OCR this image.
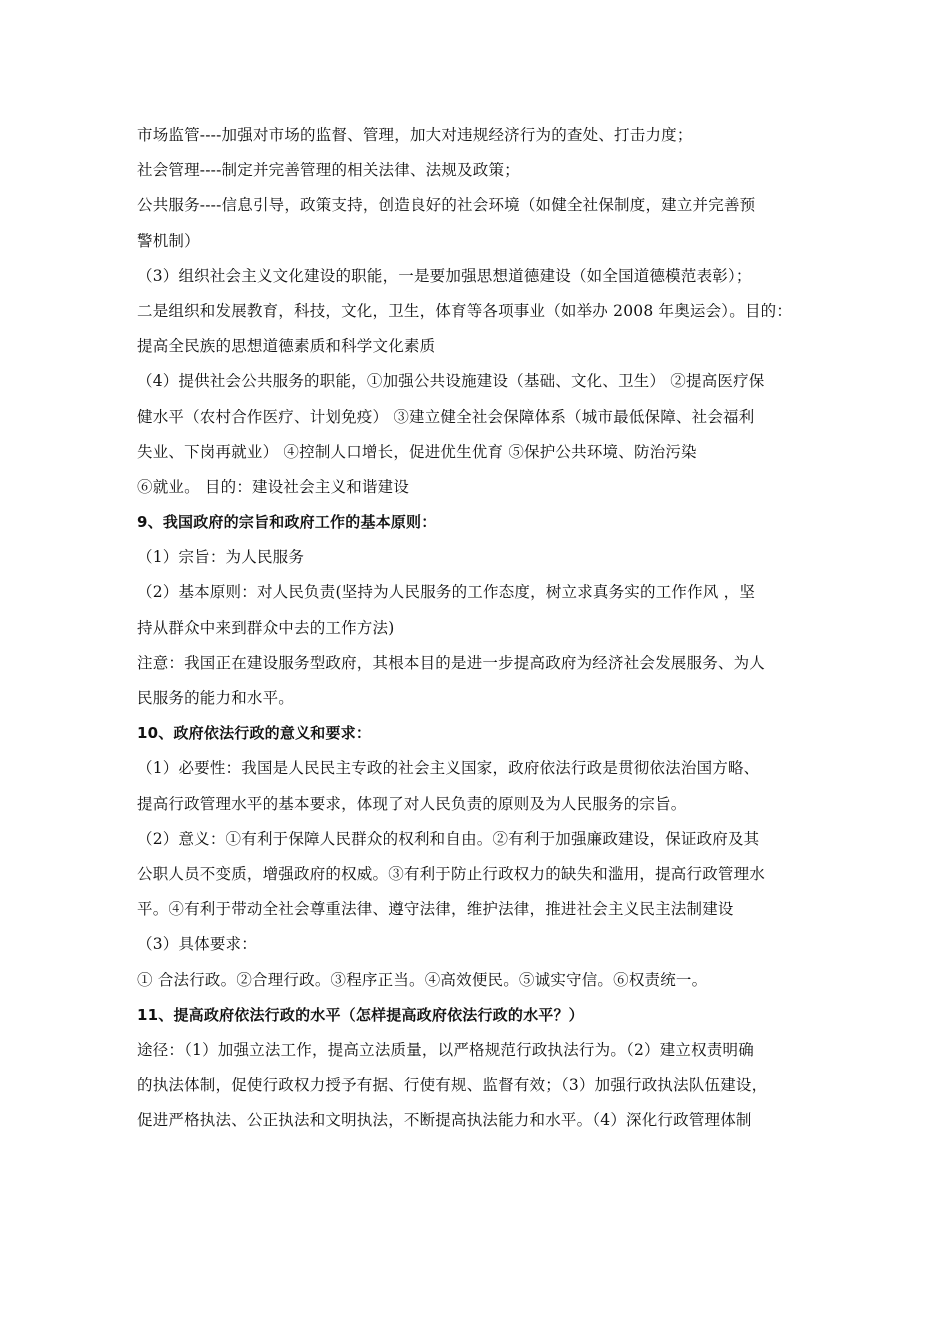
市场监管----加强对市场的监督、管理，加大对违规经济行为的查处、打击力度；
社会管理----制定并完善管理的相关法律、法规及政策；
公共服务----信息引导，政策支持，创造良好的社会环境（如健全社保制度，建立并完善预
警机制）
（3）组织社会主义文化建设的职能，一是要加强思想道德建设（如全国道德模范表彰）；
二是组织和发展教育，科技，文化，卫生，体育等各项事业（如举办 2008 年奥运会）。目的：
提高全民族的思想道德素质和科学文化素质
（4）提供社会公共服务的职能，①加强公共设施建设（基础、文化、卫生） ②提高医疗保
健水平（农村合作医疗、计划免疫） ③建立健全社会保障体系（城市最低保障、社会福利
失业、下岗再就业） ④控制人口增长，促进优生优育 ⑤保护公共环境、防治污染
⑥就业。 目的：建设社会主义和谐建设
9、我国政府的宗旨和政府工作的基本原则：
（1）宗旨：为人民服务
（2）基本原则：对人民负责(坚持为人民服务的工作态度，树立求真务实的工作作风 ，坚
持从群众中来到群众中去的工作方法)
注意：我国正在建设服务型政府，其根本目的是进一步提高政府为经济社会发展服务、为人
民服务的能力和水平。
10、政府依法行政的意义和要求：
（1）必要性：我国是人民民主专政的社会主义国家，政府依法行政是贯彻依法治国方略、
提高行政管理水平的基本要求，体现了对人民负责的原则及为人民服务的宗旨。
（2）意义：①有利于保障人民群众的权利和自由。②有利于加强廉政建设，保证政府及其
公职人员不变质，增强政府的权威。③有利于防止行政权力的缺失和滥用，提高行政管理水
平。④有利于带动全社会尊重法律、遵守法律，维护法律，推进社会主义民主法制建设
（3）具体要求：
① 合法行政。②合理行政。③程序正当。④高效便民。⑤诚实守信。⑥权责统一。
11、提高政府依法行政的水平（怎样提高政府依法行政的水平？）
途径：（1）加强立法工作，提高立法质量，以严格规范行政执法行为。（2）建立权责明确
的执法体制，促使行政权力授予有据、行使有规、监督有效；（3）加强行政执法队伍建设，
促进严格执法、公正执法和文明执法，不断提高执法能力和水平。（4）深化行政管理体制
